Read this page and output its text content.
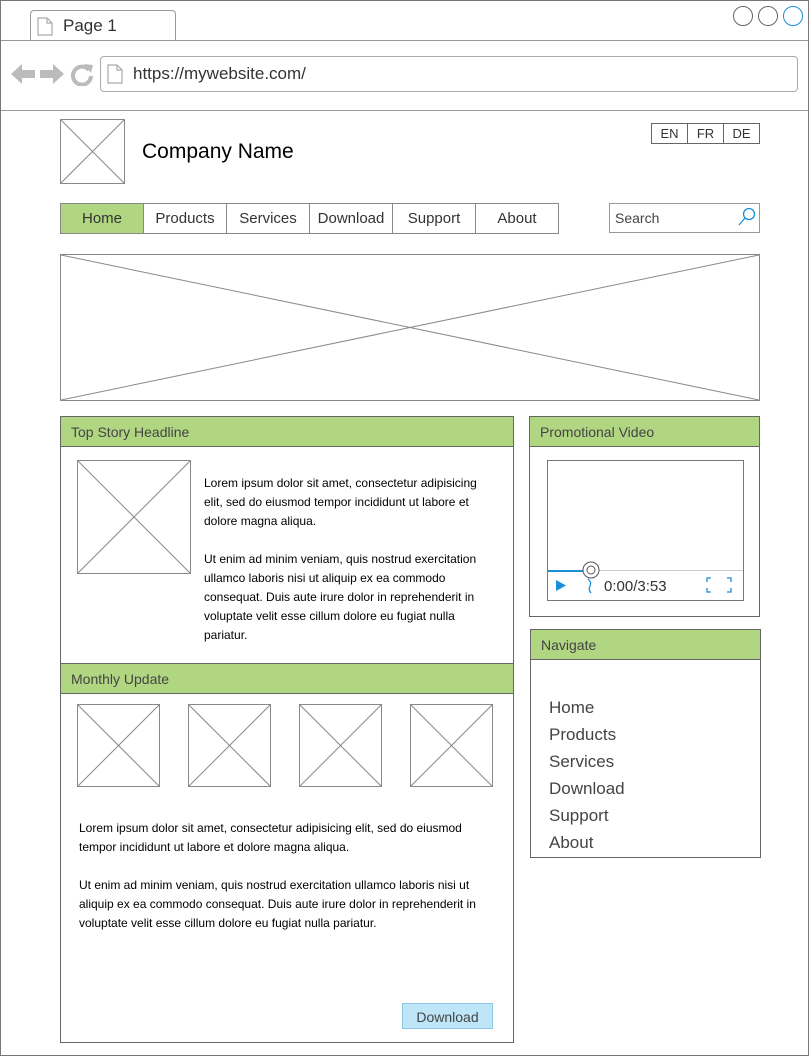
Page 1
https://mywebsite.com/
Company Name
EN	FR	DE
Home	Products	Services	Download	Support	About	Search
Top Story Headline
Lorem ipsum dolor sit amet, consectetur adipisicing elit, sed do eiusmod tempor incididunt ut labore et dolore magna aliqua.
Ut enim ad minim veniam, quis nostrud exercitation ullamco laboris nisi ut aliquip ex ea commodo consequat. Duis aute irure dolor in reprehenderit in voluptate velit esse cillum dolore eu fugiat nulla pariatur.
Monthly Update
Lorem ipsum dolor sit amet, consectetur adipisicing elit, sed do eiusmod tempor incididunt ut labore et dolore magna aliqua.
Ut enim ad minim veniam, quis nostrud exercitation ullamco laboris nisi ut aliquip ex ea commodo consequat. Duis aute irure dolor in reprehenderit in voluptate velit esse cillum dolore eu fugiat nulla pariatur.
Download
Promotional Video
0:00/3:53
Navigate
Home
Products
Services
Download
Support
About
